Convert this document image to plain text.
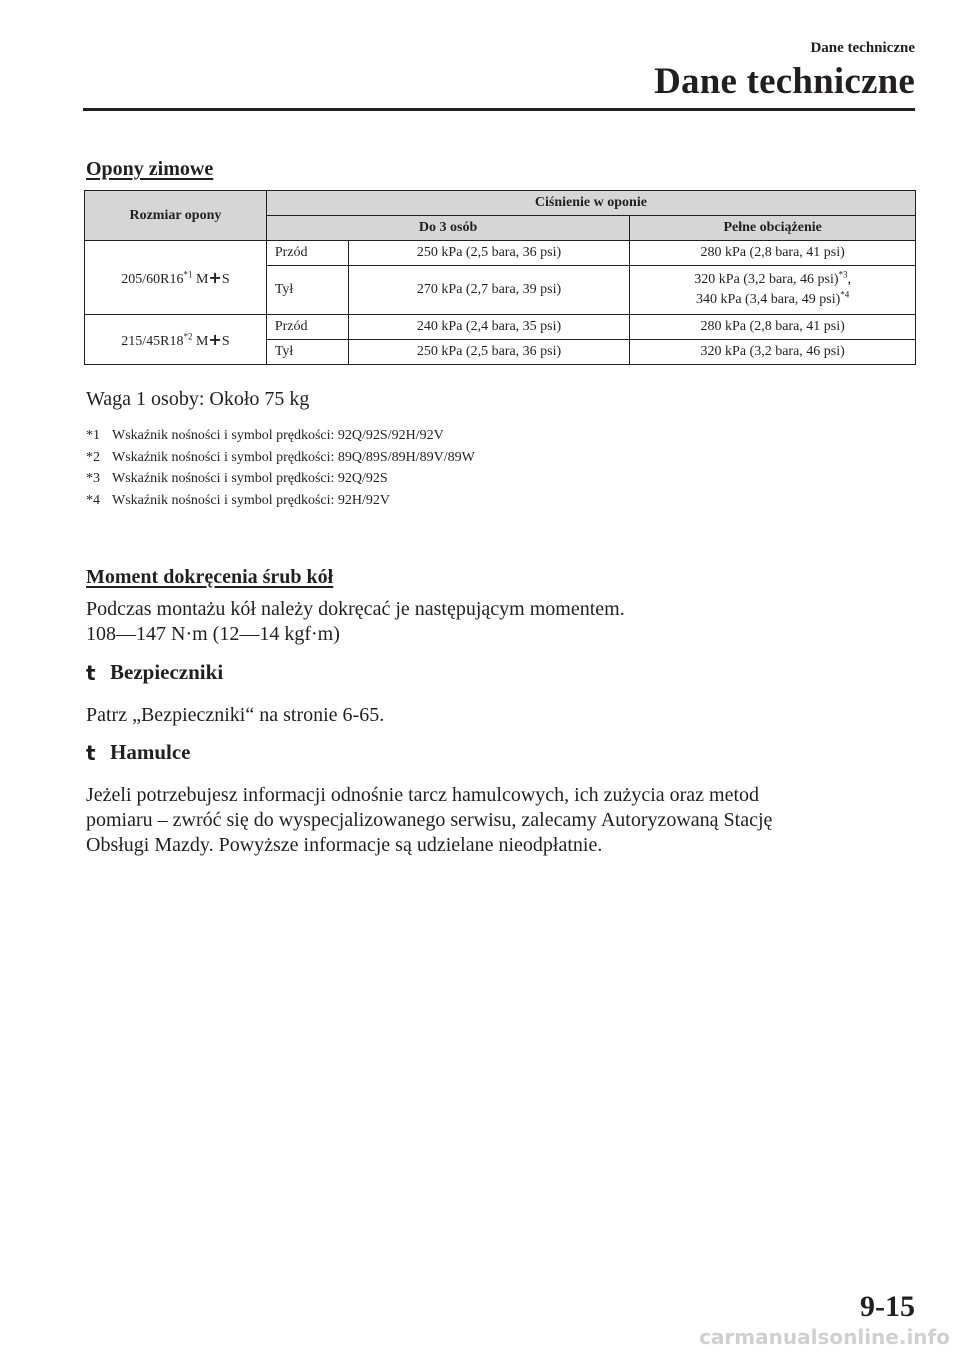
Dane techniczne
Dane techniczne
Opony zimowe
Rozmiar opony	Ciśnienie w oponie		
	Do 3 osób		Pełne obciążenie
205/60R16$^{*1}$ M+S	Przód	250 kPa (2,5 bara, 36 psi)	280 kPa (2,8 bara, 41 psi)
	Tył	270 kPa (2,7 bara, 39 psi)	320 kPa (3,2 bara, 46 psi)$^{*3}$,
340 kPa (3,4 bara, 49 psi)$^{*4}$
215/45R18$^{*2}$ M+S	Przód	240 kPa (2,4 bara, 35 psi)	280 kPa (2,8 bara, 41 psi)
	Tył	250 kPa (2,5 bara, 36 psi)	320 kPa (3,2 bara, 46 psi)
Waga 1 osoby: Około 75 kg
*1 Wskaźnik nośności i symbol prędkości: 92Q/92S/92H/92V
*2 Wskaźnik nośności i symbol prędkości: 89Q/89S/89H/89V/89W
*3 Wskaźnik nośności i symbol prędkości: 92Q/92S
*4 Wskaźnik nośności i symbol prędkości: 92H/92V
Moment dokręcenia śrub kół
Podczas montażu kół należy dokręcać je następującym momentem.
108—147 N·m (12—14 kgf·m)
t Bezpieczniki
Patrz „Bezpieczniki“ na stronie 6-65.
t Hamulce
Jeżeli potrzebujesz informacji odnośnie tarcz hamulcowych, ich zużycia oraz metod
pomiaru – zwróć się do wyspecjalizowanego serwisu, zalecamy Autoryzowaną Stację
Obsługi Mazdy. Powyższe informacje są udzielane nieodpłatnie.
9-15
carmanualsonline.info
